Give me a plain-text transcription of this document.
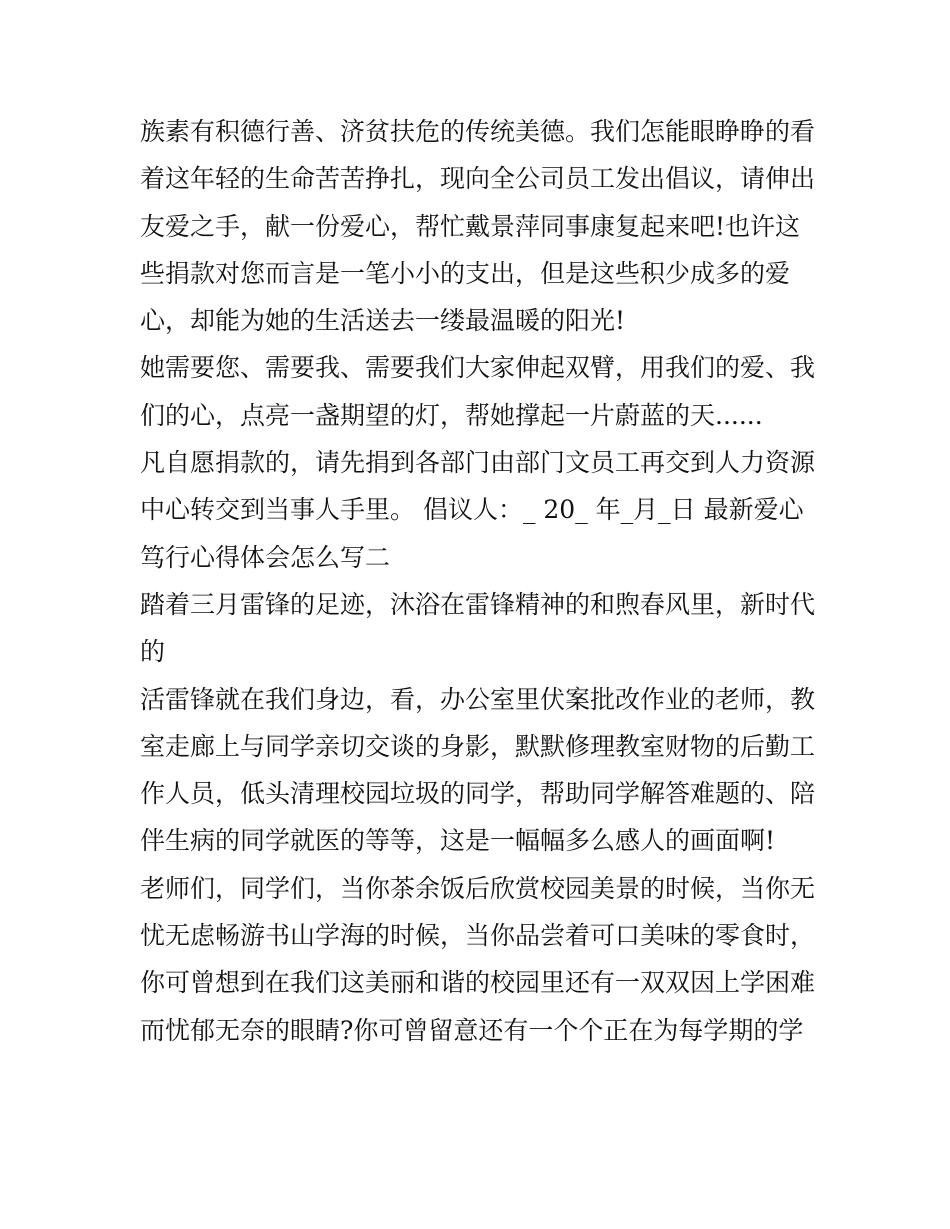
族素有积德行善、济贫扶危的传统美德。我们怎能眼睁睁的看
着这年轻的生命苦苦挣扎，现向全公司员工发出倡议，请伸出
友爱之手，献一份爱心，帮忙戴景萍同事康复起来吧!也许这
些捐款对您而言是一笔小小的支出，但是这些积少成多的爱
心，却能为她的生活送去一缕最温暖的阳光!
她需要您、需要我、需要我们大家伸起双臂，用我们的爱、我
们的心，点亮一盏期望的灯，帮她撑起一片蔚蓝的天......
凡自愿捐款的，请先捐到各部门由部门文员工再交到人力资源
中心转交到当事人手里。 倡议人：_ 20_ 年_月_日 最新爱心
笃行心得体会怎么写二
踏着三月雷锋的足迹，沐浴在雷锋精神的和煦春风里，新时代
的
活雷锋就在我们身边，看，办公室里伏案批改作业的老师，教
室走廊上与同学亲切交谈的身影，默默修理教室财物的后勤工
作人员，低头清理校园垃圾的同学，帮助同学解答难题的、陪
伴生病的同学就医的等等，这是一幅幅多么感人的画面啊!
老师们，同学们，当你茶余饭后欣赏校园美景的时候，当你无
忧无虑畅游书山学海的时候，当你品尝着可口美味的零食时，
你可曾想到在我们这美丽和谐的校园里还有一双双因上学困难
而忧郁无奈的眼睛?你可曾留意还有一个个正在为每学期的学
